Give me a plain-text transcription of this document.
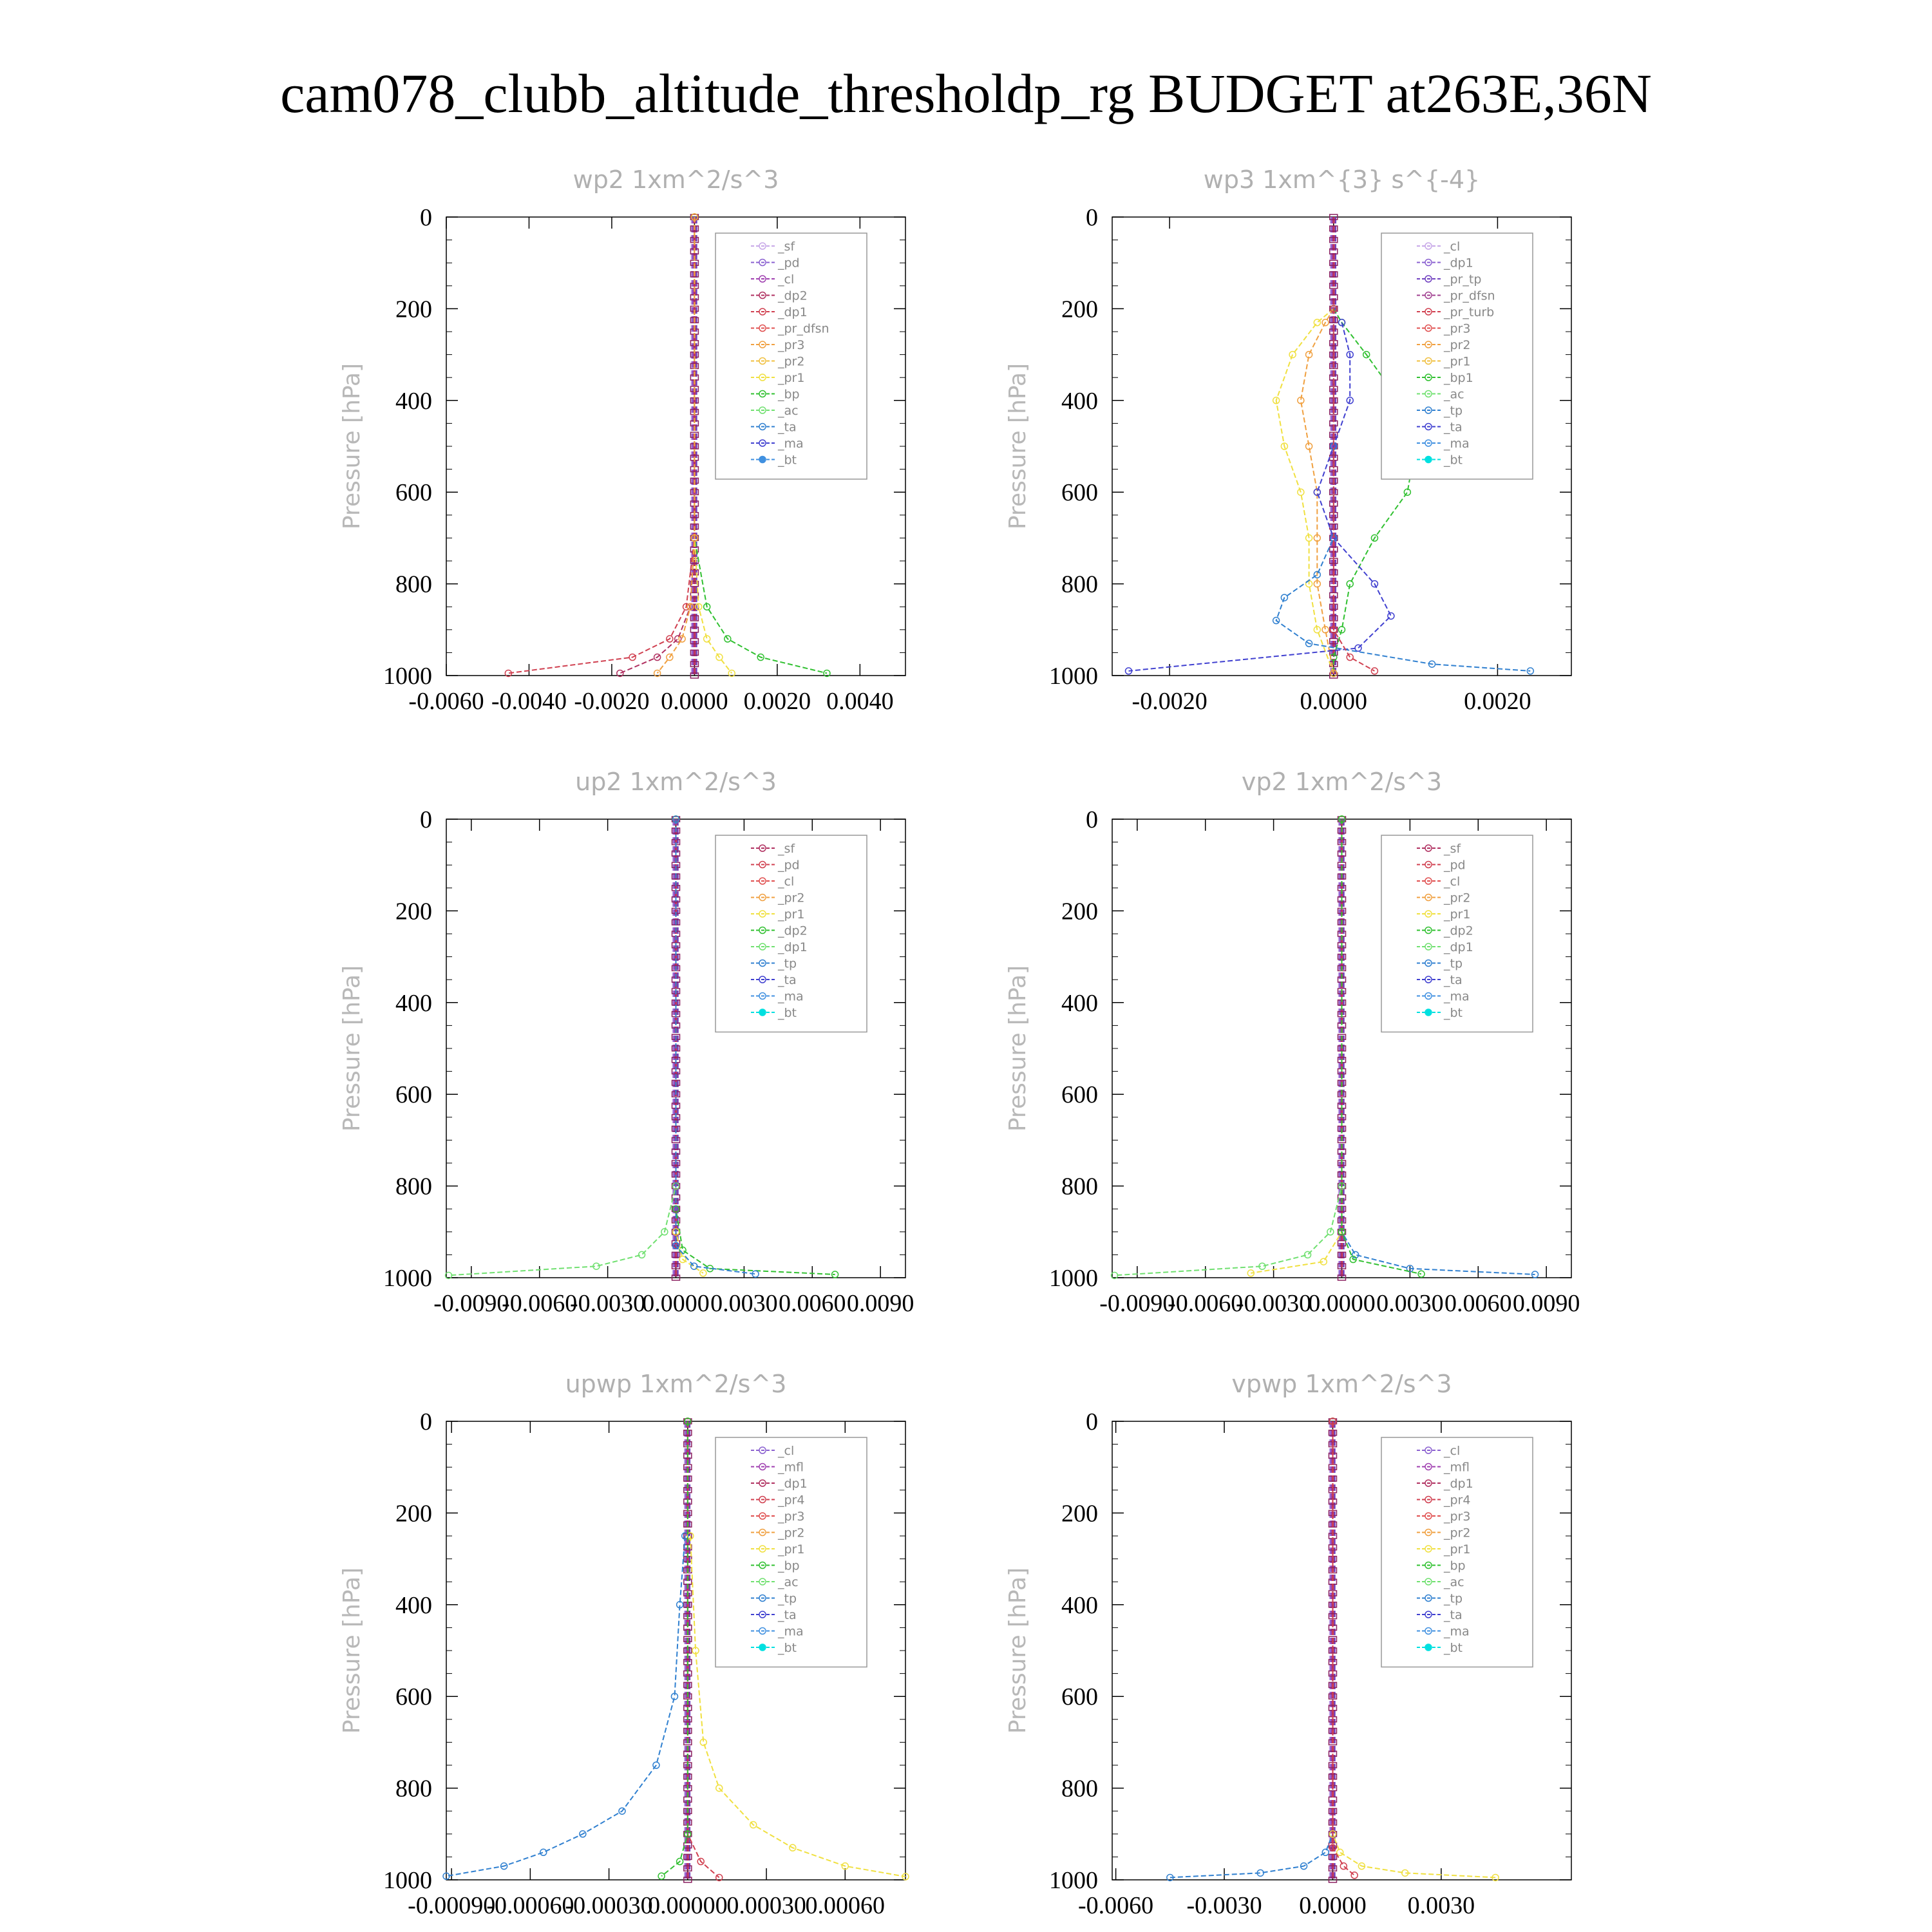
cam078_clubb_altitude_thresholdp_rg BUDGET at263E,36N
wp2 1xm^2/s^3
Pressure [hPa]
0
200
400
600
800
1000
-0.0060 -0.0040 -0.0020 0.0000 0.0020 0.0040
_sf
_pd
_cl
_dp2
_dp1
_pr_dfsn
_pr3
_pr2
_pr1
_bp
_ac
_ta
_ma
_bt
wp3 1xm^{3} s^{-4}
Pressure [hPa]
0
200
400
600
800
1000
-0.0020	0.0000	0.0020
_cl
_dp1
_pr_tp
_pr_dfsn
_pr_turb
_pr3
_pr2
_pr1
_bp1
_ac
_tp
_ta
_ma
_bt
up2 1xm^2/s^3
Pressure [hPa]
0
200
400
600
800
1000
-0.0090
-0.0060
-0.0030
0.0000 0.0030 0.0060 0.0090
_sf
_pd
_cl
_pr2
_pr1
_dp2
_dp1
_tp
_ta
_ma
_bt
vp2 1xm^2/s^3
Pressure [hPa]
0
200
400
600
800
1000
-0.0090
-0.0060
-0.0030
0.0000 0.0030 0.0060 0.0090
_sf
_pd
_cl
_pr2
_pr1
_dp2
_dp1
_tp
_ta
_ma
_bt
upwp 1xm^2/s^3
Pressure [hPa]
0
200
400
600
800
1000
-0.00090
-0.00060
-0.00030
0.00000
0.00030
0.00060
_cl
_mfl
_dp1
_pr4
_pr3
_pr2
_pr1
_bp
_ac
_tp
_ta
_ma
_bt
vpwp 1xm^2/s^3
Pressure [hPa]
0
200
400
600
800
1000
-0.0060 -0.0030 0.0000 0.0030
_cl
_mfl
_dp1
_pr4
_pr3
_pr2
_pr1
_bp
_ac
_tp
_ta
_ma
_bt
